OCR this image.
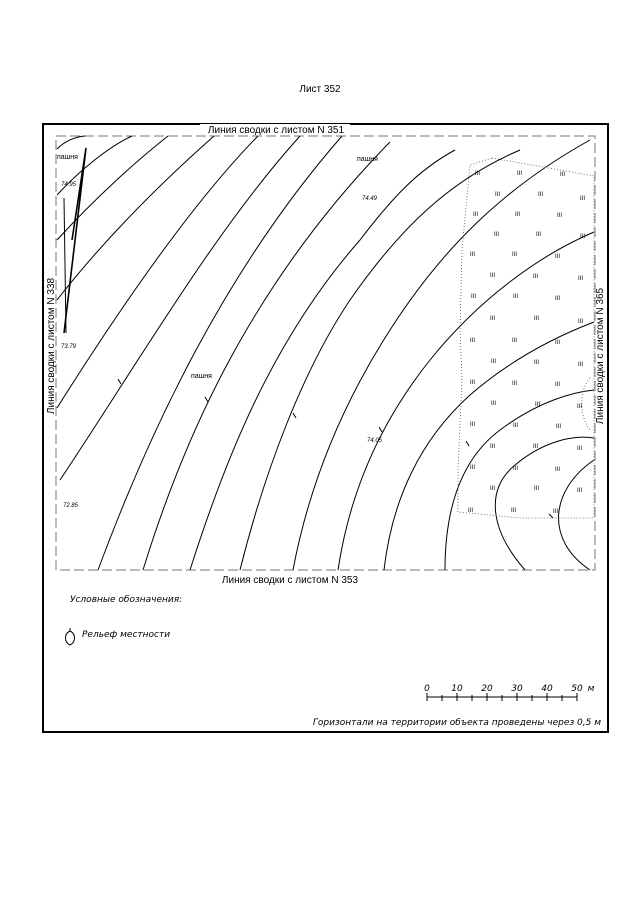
Лист 352
Линия сводки с листом N 351
Линия сводки с листом N 353
Линия сводки с листом N 338	Линия сводки с листом N 365
III	III	III
III	III
III
III	III	III
III	III	III
III	III	III
III	III	III
III	III	III
III	III	III
III	III	III
III	III	III
III	III	III
III	III	III
III	III	III
III	III	III
III	III	III
III	III	III
III	III	III
пашня	пашня
пашня
74.95
74.49
73.79
74.05
72.85
Условные обозначения:
Рельеф местности
0 10 20 30 40 50 м
Горизонтали на территории объекта проведены через 0,5 м
